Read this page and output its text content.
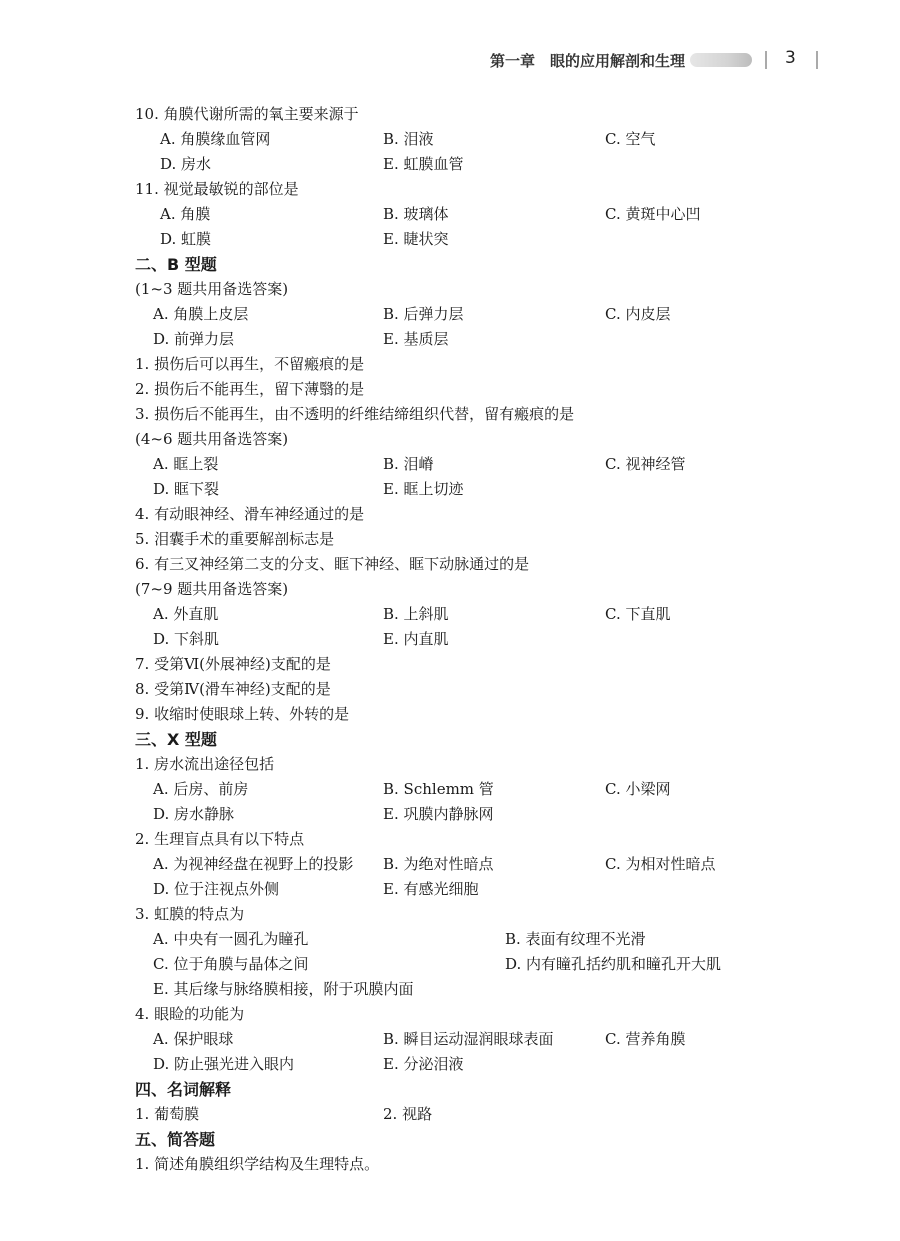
第一章　眼的应用解剖和生理	3
10. 角膜代谢所需的氧主要来源于
A. 角膜缘血管网	B. 泪液	C. 空气
D. 房水	E. 虹膜血管
11. 视觉最敏锐的部位是
A. 角膜	B. 玻璃体	C. 黄斑中心凹
D. 虹膜	E. 睫状突
二、B 型题
(1~3 题共用备选答案)
A. 角膜上皮层	B. 后弹力层	C. 内皮层
D. 前弹力层	E. 基质层
1. 损伤后可以再生，不留瘢痕的是
2. 损伤后不能再生，留下薄翳的是
3. 损伤后不能再生，由不透明的纤维结缔组织代替，留有瘢痕的是
(4~6 题共用备选答案)
A. 眶上裂	B. 泪嵴	C. 视神经管
D. 眶下裂	E. 眶上切迹
4. 有动眼神经、滑车神经通过的是
5. 泪囊手术的重要解剖标志是
6. 有三叉神经第二支的分支、眶下神经、眶下动脉通过的是
(7~9 题共用备选答案)
A. 外直肌	B. 上斜肌	C. 下直肌
D. 下斜肌	E. 内直肌
7. 受第Ⅵ(外展神经)支配的是
8. 受第Ⅳ(滑车神经)支配的是
9. 收缩时使眼球上转、外转的是
三、X 型题
1. 房水流出途径包括
A. 后房、前房	B. Schlemm 管	C. 小梁网
D. 房水静脉	E. 巩膜内静脉网
2. 生理盲点具有以下特点
A. 为视神经盘在视野上的投影 B. 为绝对性暗点	C. 为相对性暗点
D. 位于注视点外侧	E. 有感光细胞
3. 虹膜的特点为
A. 中央有一圆孔为瞳孔	B. 表面有纹理不光滑
C. 位于角膜与晶体之间	D. 内有瞳孔括约肌和瞳孔开大肌
E. 其后缘与脉络膜相接，附于巩膜内面
4. 眼睑的功能为
A. 保护眼球	B. 瞬目运动湿润眼球表面	C. 营养角膜
D. 防止强光进入眼内	E. 分泌泪液
四、名词解释
1. 葡萄膜	2. 视路
五、简答题
1. 简述角膜组织学结构及生理特点。
